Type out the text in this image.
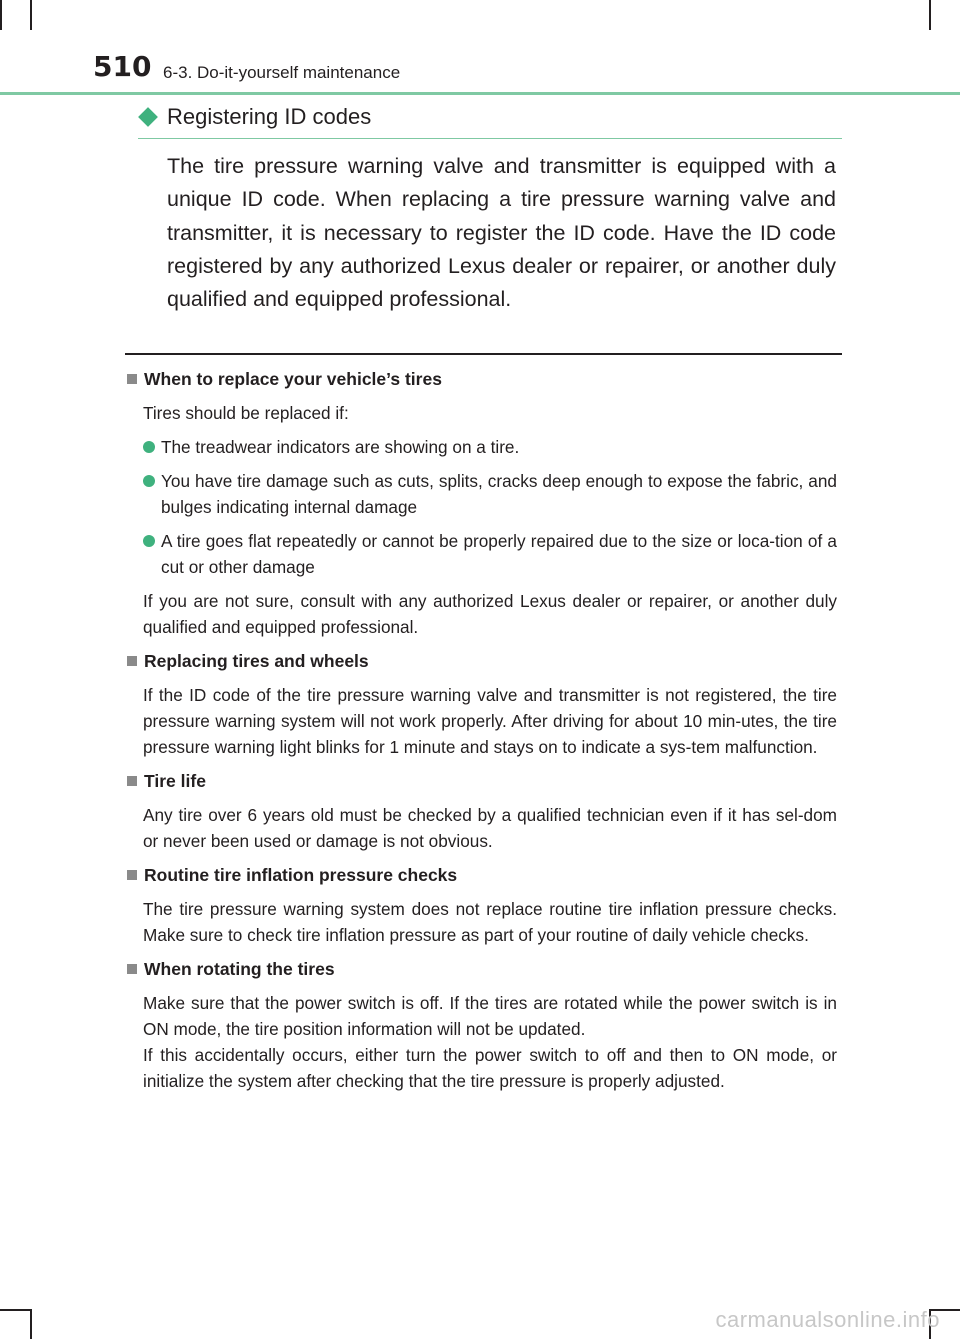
510 6-3. Do-it-yourself maintenance
Registering ID codes
The tire pressure warning valve and transmitter is equipped with a unique ID code. When replacing a tire pressure warning valve and transmitter, it is necessary to register the ID code. Have the ID code registered by any authorized Lexus dealer or repairer, or another duly qualified and equipped professional.
When to replace your vehicle’s tires

Tires should be replaced if:

The treadwear indicators are showing on a tire.
You have tire damage such as cuts, splits, cracks deep enough to expose the fabric, and bulges indicating internal damage
A tire goes flat repeatedly or cannot be properly repaired due to the size or loca-tion of a cut or other damage

If you are not sure, consult with any authorized Lexus dealer or repairer, or another duly qualified and equipped professional.

Replacing tires and wheels

If the ID code of the tire pressure warning valve and transmitter is not registered, the tire pressure warning system will not work properly. After driving for about 10 min-utes, the tire pressure warning light blinks for 1 minute and stays on to indicate a sys-tem malfunction.

Tire life

Any tire over 6 years old must be checked by a qualified technician even if it has sel-dom or never been used or damage is not obvious.

Routine tire inflation pressure checks

The tire pressure warning system does not replace routine tire inflation pressure checks. Make sure to check tire inflation pressure as part of your routine of daily vehicle checks.

When rotating the tires

Make sure that the power switch is off. If the tires are rotated while the power switch is in ON mode, the tire position information will not be updated.

If this accidentally occurs, either turn the power switch to off and then to ON mode, or initialize the system after checking that the tire pressure is properly adjusted.

carmanualsonline.info
